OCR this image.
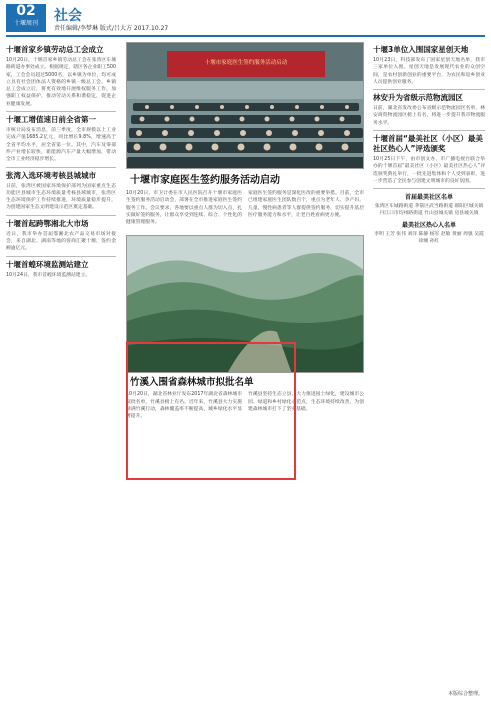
02
十堰周刊	社会
责任编辑/李梦琳 版式/吕大方 2017.10.27
十堰首家乡镇劳动总工会成立
10月20日，十堰首家乡镇劳动总工会在张湾区车城路街道办事处成立。根据规定，辖区各企业职工500家，工会会员超过5000名，以乡镇为单位，均可成立具有社会团体法人资格的乡镇一级总工会。乡镇总工会成立后，将更有效地开展维权服务工作，加强职工权益保护，推动劳动关系和谐稳定，促进企业健康发展。
十堰工增值速日前全省第一
市统计局发布消息，前三季度，全市规模以上工业完成产值1685.2亿元，同比增长9.8%，增速高于全省平均水平，居全省第一位。其中，汽车及零部件产业增长较快，新能源汽车产量大幅增加，带动全市工业经济稳步增长。
张湾入选环境考核县城城市
日前，张湾区被国家环境保护部列为国家重点生态功能区县城市生态环境质量考核县域城市，张湾区生态环境保护工作持续推进，环境质量稳步提升，为创建国家生态文明建设示范区奠定基础。
十堰首起跨鄂湘北大市场
近日，我市举办首届鄂湘北农产品交易市场对接会，来自湖北、湖南等地的客商汇聚十堰，签约金额逾亿元。
十堰首蝗环境监测站建立
10月24日，我市首蝗环境监测站建立。
十堰市家庭医生签约服务活动启动
十堰市家庭医生签约服务活动启动
10月20日，市卫计委在市人民医院召开十堰市家庭医生签约服务活动启动会，部署在全市推进家庭医生签约服务工作。会议要求，各地要以重点人群为切入点，扎实做好签约服务，让群众享受到连续、综合、个性化的健康管理服务。
家庭医生签约服务是深化医改的重要举措。目前，全市已组建家庭医生团队数百个，重点为老年人、孕产妇、儿童、慢性病患者等人群提供签约服务，切实提升基层医疗服务能力和水平，让老百姓看病更方便。
竹溪入围省森林城市拟批名单
10月20日，湖北省林业厅发布2017年湖北省森林城市拟批名单，竹溪县榜上有名。近年来，竹溪县大力实施绿满竹溪行动，森林覆盖率不断提高，城乡绿化水平显著提升。
竹溪县坚持生态立县，大力推进国土绿化，建设城市公园、绿道和乡村绿化示范点，生态环境持续改善，为创建森林城市打下了坚实基础。
十堰3单位入围国家星创天地
10月23日，科技部发布了国家星创天地名单，我市三家单位入围。星创天地是发展现代农业的众创空间，是农村创新创业的重要平台，为农民和返乡创业人员提供创业服务。
林安升为省级示范物流园区
日前，湖北省发改委公布省级示范物流园区名单，林安商贸物流园区榜上有名，将进一步提升我市物流服务水平。
十堰首届“最美社区（小区）最美社区热心人”评选颁奖
10月25日下午，由市创文办、市广播电视台联合举办的十堰首届“最美社区（小区）最美社区热心人”评选颁奖典礼举行，一批先进集体和个人受到表彰，进一步营造了全民参与创建文明城市的良好氛围。
首届最美社区名单
张湾区车城路街道 茅箭区武当路街道 郧阳区城关镇 丹江口市均州路街道 竹山县城关镇 房县城关镇
最美社区热心人名单
李明 王芳 张伟 刘洋 陈静 杨军 赵敏 黄丽 周强 吴霞 徐刚 孙红
本版综合整理。
